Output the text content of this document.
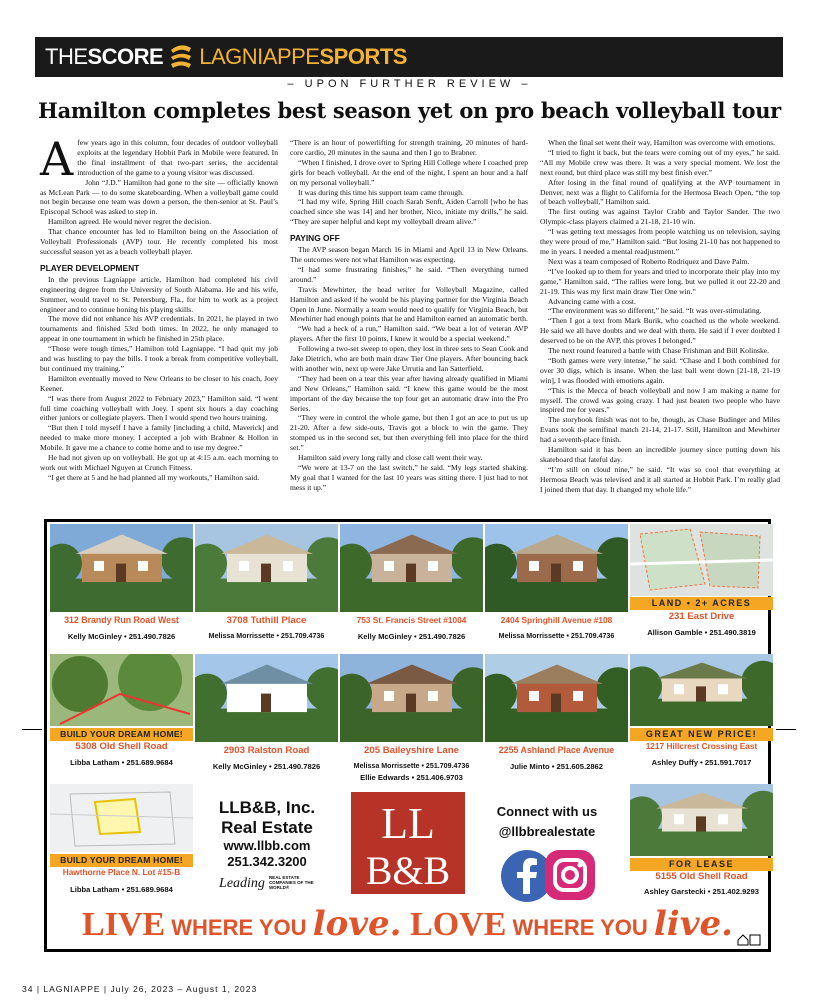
THESCORE LAGNIAPPESPORTS
– UPON FURTHER REVIEW –
Hamilton completes best season yet on pro beach volleyball tour
A few years ago in this column, four decades of outdoor volleyball exploits at the legendary Hobbit Park in Mobile were featured. In the final installment of that two-part series, the accidental introduction of the game to a young visitor was discussed.

John “J.D.” Hamilton had gone to the site — officially known as McLean Park — to do some skateboarding. When a volleyball game could not begin because one team was down a person, the then-senior at St. Paul’s Episcopal School was asked to step in.

Hamilton agreed. He would never regret the decision.

That chance encounter has led to Hamilton being on the Association of Volleyball Professionals (AVP) tour. He recently completed his most successful season yet as a beach volleyball player.

PLAYER DEVELOPMENT

In the previous Lagniappe article, Hamilton had completed his civil engineering degree from the University of South Alabama. He and his wife, Summer, would travel to St. Petersburg, Fla., for him to work as a project engineer and to continue honing his playing skills.

The move did not enhance his AVP credentials. In 2021, he played in two tournaments and finished 53rd both times. In 2022, he only managed to appear in one tournament in which he finished in 25th place.

“Those were tough times,” Hamilton told Lagniappe. “I had quit my job and was hustling to pay the bills. I took a break from competitive volleyball, but continued my training.”

Hamilton eventually moved to New Orleans to be closer to his coach, Joey Keener.

“I was there from August 2022 to February 2023,” Hamilton said. “I went full time coaching volleyball with Joey. I spent six hours a day coaching either juniors or collegiate players. Then I would spend two hours training.

“But then I told myself I have a family [including a child, Maverick] and needed to make more money. I accepted a job with Brabner & Hollon in Mobile. It gave me a chance to come home and to use my degree.”

He had not given up on volleyball. He got up at 4:15 a.m. each morning to work out with Michael Nguyen at Crunch Fitness.

“I get there at 5 and he had planned all my workouts,” Hamilton said.

“There is an hour of powerlifting for strength training, 20 minutes of hard-core cardio, 20 minutes in the sauna and then I go to Brabner.

“When I finished, I drove over to Spring Hill College where I coached prep girls for beach volleyball. At the end of the night, I spent an hour and a half on my personal volleyball.”

It was during this time his support team came through.

“I had my wife, Spring Hill coach Sarah Senft, Aiden Carroll [who he has coached since she was 14] and her brother, Nico, initiate my drills,” he said. “They are super helpful and kept my volleyball dream alive.”

PAYING OFF

The AVP season began March 16 in Miami and April 13 in New Orleans. The outcomes were not what Hamilton was expecting.

“I had some frustrating finishes,” he said. “Then everything turned around.”

Travis Mewhirter, the head writer for Volleyball Magazine, called Hamilton and asked if he would be his playing partner for the Virginia Beach Open in June. Normally a team would need to qualify for Virginia Beach, but Mewhirter had enough points that he and Hamilton earned an automatic berth.

“We had a heck of a run,” Hamilton said. “We beat a lot of veteran AVP players. After the first 10 points, I knew it would be a special weekend.”

Following a two-set sweep to open, they lost in three sets to Sean Cook and Jake Dietrich, who are both main draw Tier One players. After bouncing back with another win, next up were Jake Urrutia and Ian Satterfield.

“They had been on a tear this year after having already qualified in Miami and New Orleans,” Hamilton said. “I knew this game would be the most important of the day because the top four get an automatic draw into the Pro Series.

“They were in control the whole game, but then I got an ace to put us up 21-20. After a few side-outs, Travis got a block to win the game. They stomped us in the second set, but then everything fell into place for the third set.”

Hamilton said every long rally and close call went their way.

“We were at 13-7 on the last switch,” he said. “My legs started shaking. My goal that I wanted for the last 10 years was sitting there. I just had to not mess it up.”

When the final set went their way, Hamilton was overcome with emotions.

“I tried to fight it back, but the tears were coming out of my eyes,” he said. “All my Mobile crew was there. It was a very special moment. We lost the next round, but third place was still my best finish ever.”

After losing in the final round of qualifying at the AVP tournament in Denver, next was a flight to California for the Hermosa Beach Open, “the top of beach volleyball,” Hamilton said.

The first outing was against Taylor Crabb and Taylor Sander. The two Olympic-class players claimed a 21-18, 21-10 win.

“I was getting text messages from people watching us on television, saying they were proud of me,” Hamilton said. “But losing 21-10 has not happened to me in years. I needed a mental readjustment.”

Next was a team composed of Roberto Rodriquez and Dave Palm.

“I’ve looked up to them for years and tried to incorporate their play into my game,” Hamilton said. “The rallies were long, but we pulled it out 22-20 and 21-19. This was my first main draw Tier One win.”

Advancing came with a cost.

“The environment was so different,” he said. “It was over-stimulating.

“Then I got a text from Mark Burik, who coached us the whole weekend. He said we all have doubts and we deal with them. He said if I ever doubted I deserved to be on the AVP, this proves I belonged.”

The next round featured a battle with Chase Frishman and Bill Kolinske.

“Both games were very intense,” he said. “Chase and I both combined for over 30 digs, which is insane. When the last ball went down [21-18, 21-19 win], I was flooded with emotions again.

“This is the Mecca of beach volleyball and now I am making a name for myself. The crowd was going crazy. I had just beaten two people who have inspired me for years.”

The storybook finish was not to be, though, as Chase Budinger and Miles Evans took the semifinal match 21-14, 21-17. Still, Hamilton and Mewhirter had a seventh-place finish.

Hamilton said it has been an incredible journey since putting down his skateboard that fateful day.

“I’m still on cloud nine,” he said. “It was so cool that everything at Hermosa Beach was televised and it all started at Hobbit Park. I’m really glad I joined them that day. It changed my whole life.”

312 Brandy Run Road West
Kelly McGinley • 251.490.7826
3708 Tuthill Place
Melissa Morrissette • 251.709.4736
753 St. Francis Street #1004
Kelly McGinley • 251.490.7826
2404 Springhill Avenue #108
Melissa Morrissette • 251.709.4736
LAND • 2+ ACRES
231 East Drive
Allison Gamble • 251.490.3819
BUILD YOUR DREAM HOME!
5308 Old Shell Road
Libba Latham • 251.689.9684
2903 Ralston Road
Kelly McGinley • 251.490.7826
205 Baileyshire Lane
Melissa Morrissette • 251.709.4736
Ellie Edwards • 251.406.9703
2255 Ashland Place Avenue
Julie Minto • 251.605.2862
GREAT NEW PRICE!
1217 Hillcrest Crossing East
Ashley Duffy • 251.591.7017
BUILD YOUR DREAM HOME!
Hawthorne Place N. Lot #15-B
Libba Latham • 251.689.9684
FOR LEASE
5155 Old Shell Road
Ashley Garstecki • 251.402.9293
LLB&B, Inc.
Real Estate
www.llbb.com
251.342.3200
Leading REAL ESTATE COMPANIES OF THE WORLD®
LL
B&B
Connect with us
@llbbrealestate
LIVE WHERE YOU love. LOVE WHERE YOU live.
34 | LAGNIAPPE | July 26, 2023 – August 1, 2023
